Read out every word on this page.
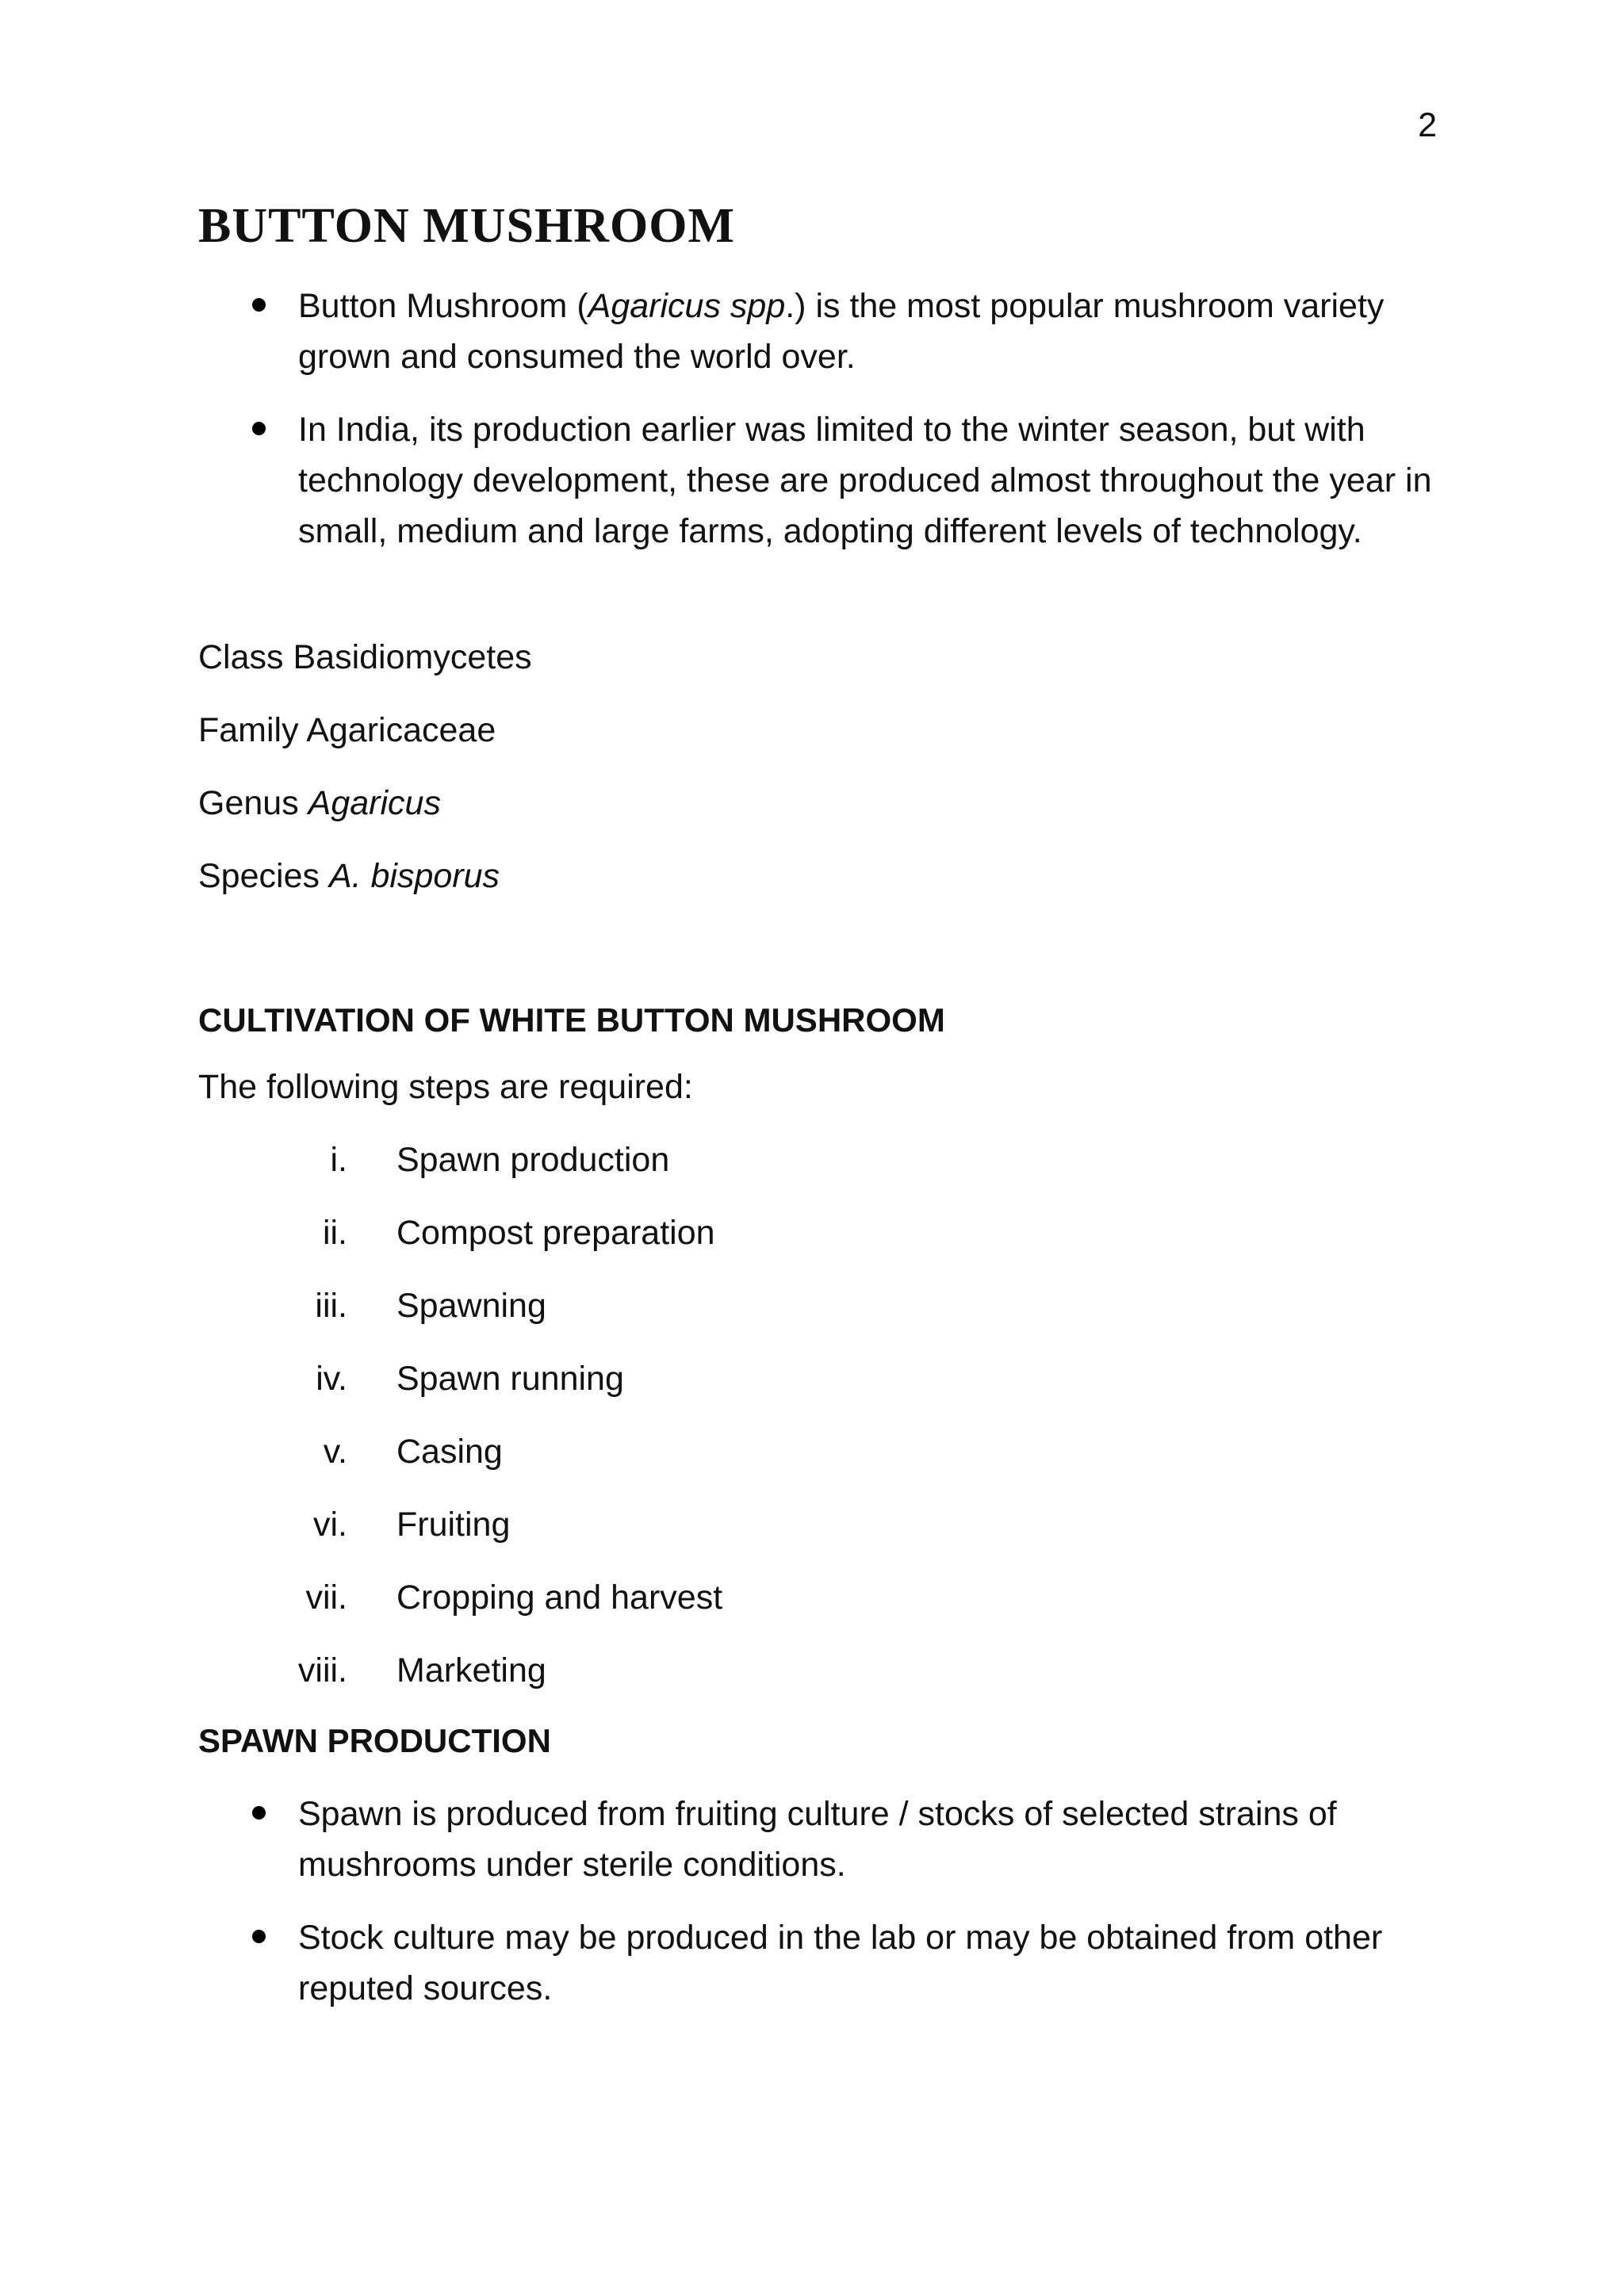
2
BUTTON MUSHROOM
Button Mushroom (Agaricus spp.) is the most popular mushroom variety grown and consumed the world over.
In India, its production earlier was limited to the winter season, but with technology development, these are produced almost throughout the year in small, medium and large farms, adopting different levels of technology.

Class Basidiomycetes

Family Agaricaceae

Genus Agaricus

Species A. bisporus

CULTIVATION OF WHITE BUTTON MUSHROOM

The following steps are required:

i. Spawn production
ii. Compost preparation
iii. Spawning
iv. Spawn running
v. Casing
vi. Fruiting
vii. Cropping and harvest
viii. Marketing
SPAWN PRODUCTION
Spawn is produced from fruiting culture / stocks of selected strains of mushrooms under sterile conditions.
Stock culture may be produced in the lab or may be obtained from other reputed sources.
